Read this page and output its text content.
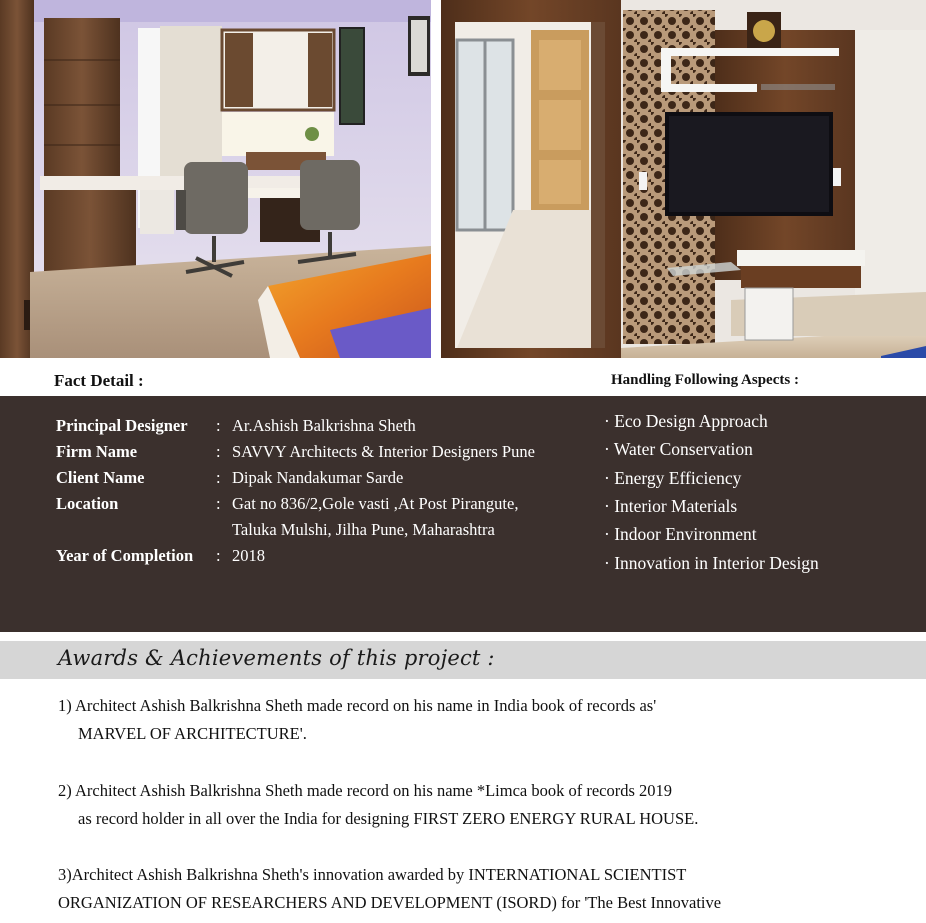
Fact Detail :	Handling Following Aspects :
Principal Designer : Ar.Ashish Balkrishna Sheth
Firm Name	: SAVVY Architects & Interior Designers Pune
Client Name	: Dipak Nandakumar Sarde
Location	: Gat no 836/2,Gole vasti ,At Post Pirangute,
Taluka Mulshi, Jilha Pune, Maharashtra
Year of Completion : 2018
· Eco Design Approach
· Water Conservation
· Energy Efficiency
· Interior Materials
· Indoor Environment
· Innovation in Interior Design
Awards & Achievements of this project :
1) Architect Ashish Balkrishna Sheth made record on his name in India book of records as'
MARVEL OF ARCHITECTURE'.
2) Architect Ashish Balkrishna Sheth made record on his name *Limca book of records 2019
as record holder in all over the India for designing FIRST ZERO ENERGY RURAL HOUSE.
3)Architect Ashish Balkrishna Sheth's innovation awarded by INTERNATIONAL SCIENTIST
ORGANIZATION OF RESEARCHERS AND DEVELOPMENT (ISORD) for 'The Best Innovative
